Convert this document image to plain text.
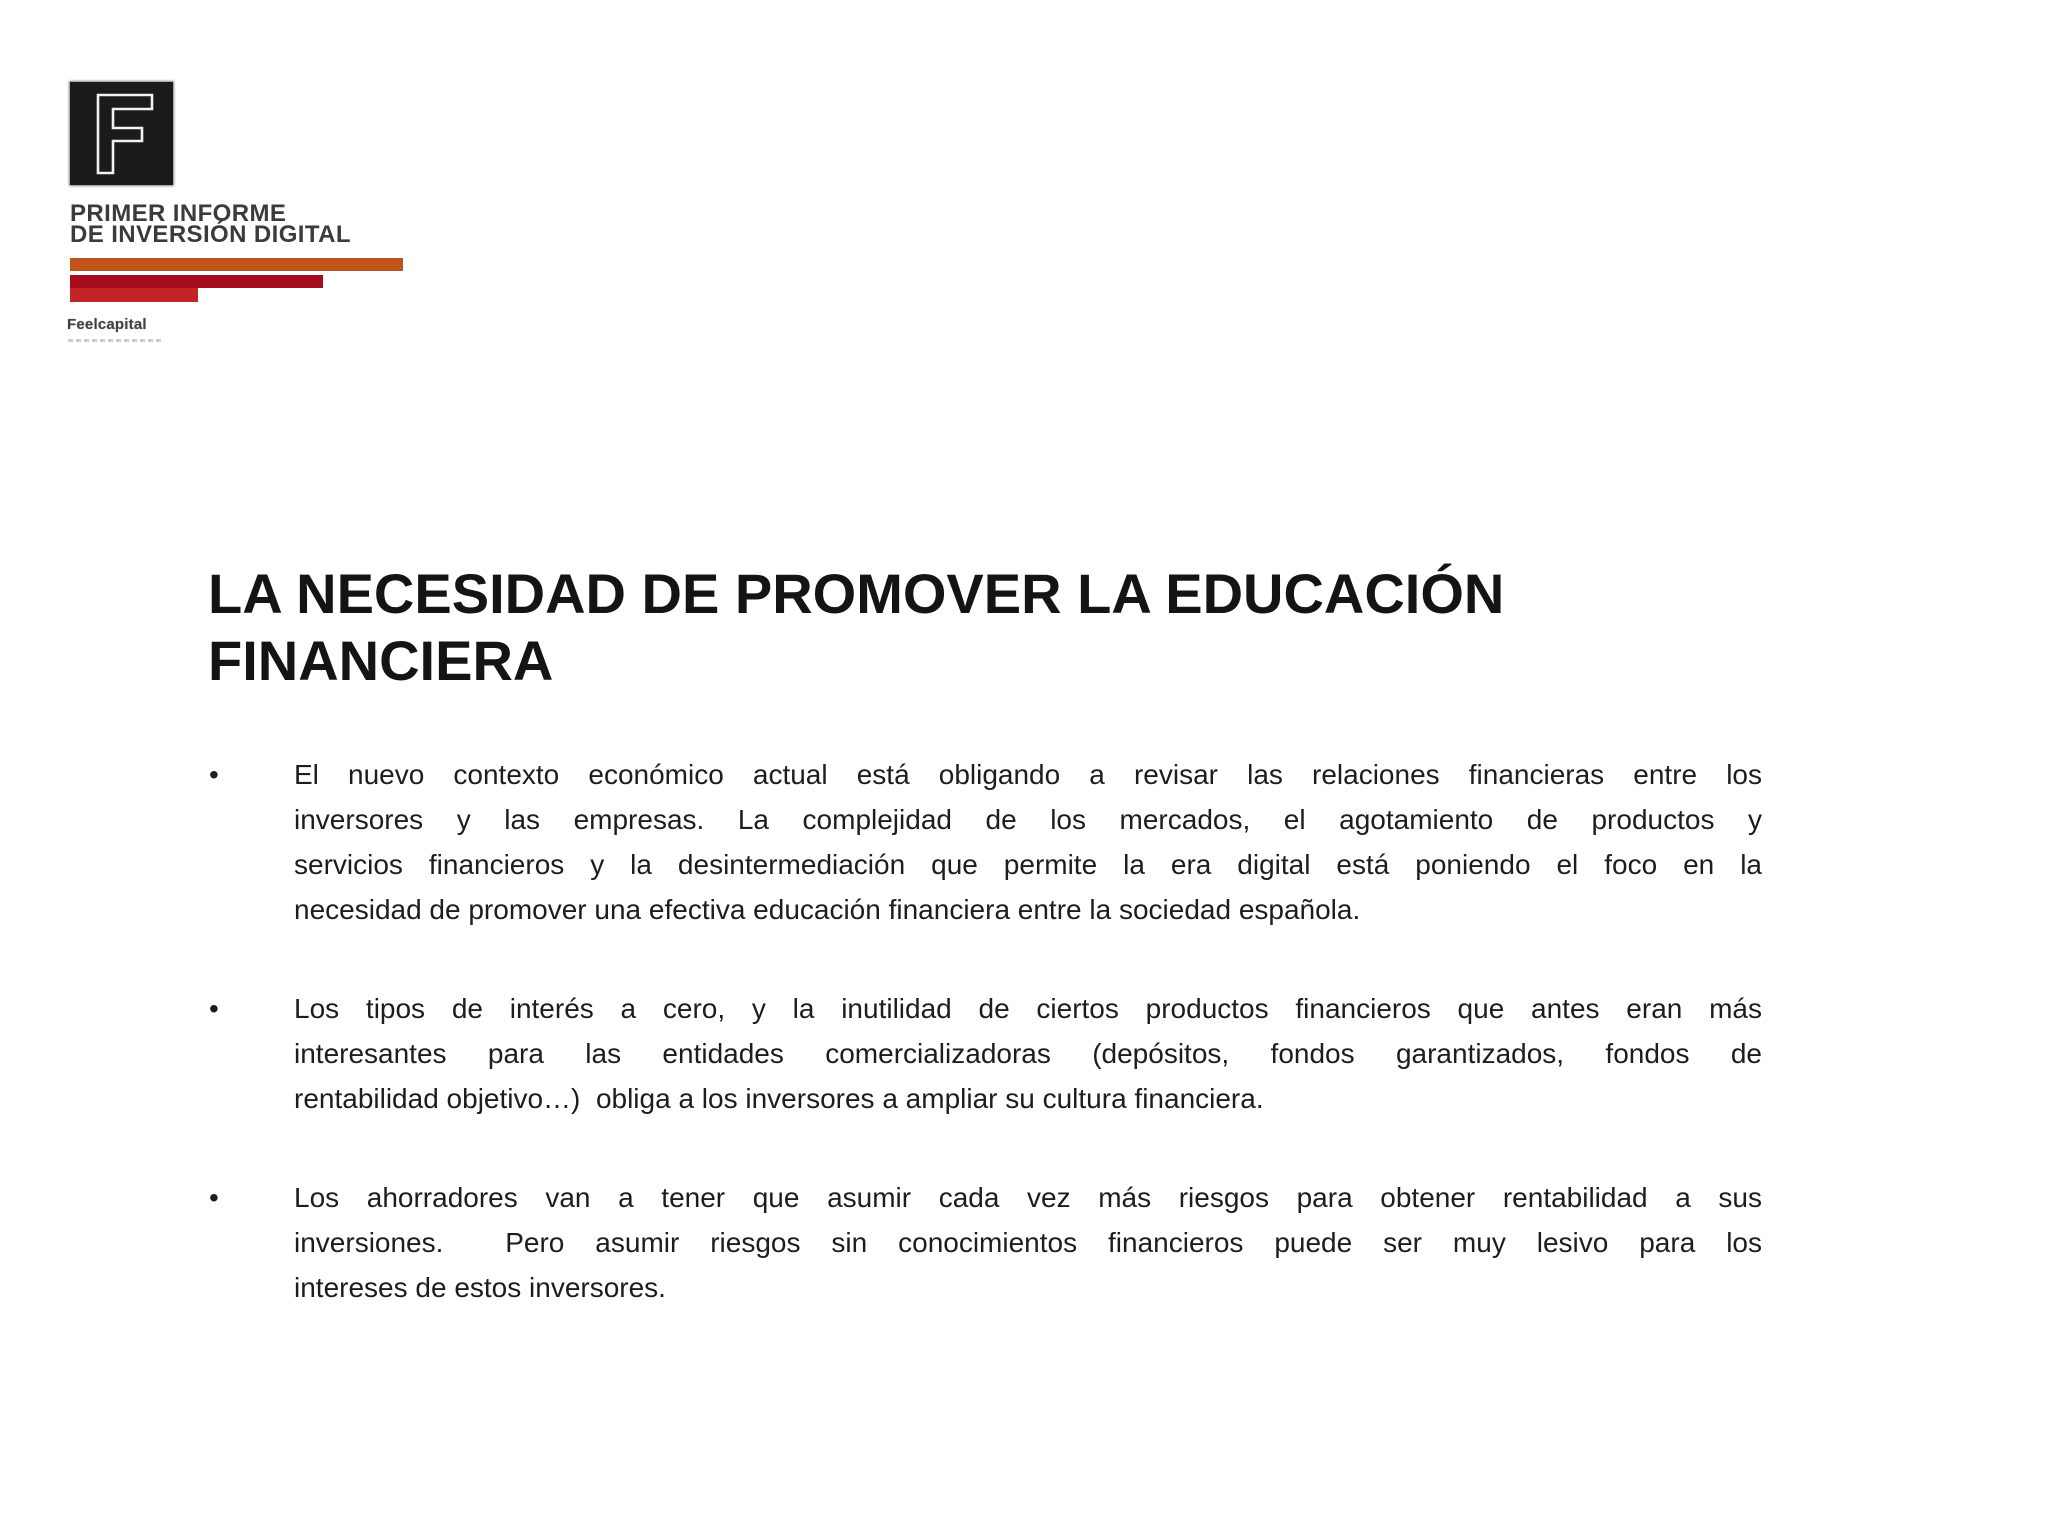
PRIMER INFORME
DE INVERSIÓN DIGITAL
Feelcapital
LA NECESIDAD DE PROMOVER LA EDUCACIÓN
FINANCIERA
•	El nuevo contexto económico actual está obligando a revisar las relaciones financieras entre los
inversores y las empresas. La complejidad de los mercados, el agotamiento de productos y
servicios financieros y la desintermediación que permite la era digital está poniendo el foco en la
necesidad de promover una efectiva educación financiera entre la sociedad española.
•	Los tipos de interés a cero, y la inutilidad de ciertos productos financieros que antes eran más
interesantes para las entidades comercializadoras (depósitos, fondos garantizados, fondos de
rentabilidad objetivo…)  obliga a los inversores a ampliar su cultura financiera.
•	Los ahorradores van a tener que asumir cada vez más riesgos para obtener rentabilidad a sus
inversiones.  Pero asumir riesgos sin conocimientos financieros puede ser muy lesivo para los
intereses de estos inversores.
